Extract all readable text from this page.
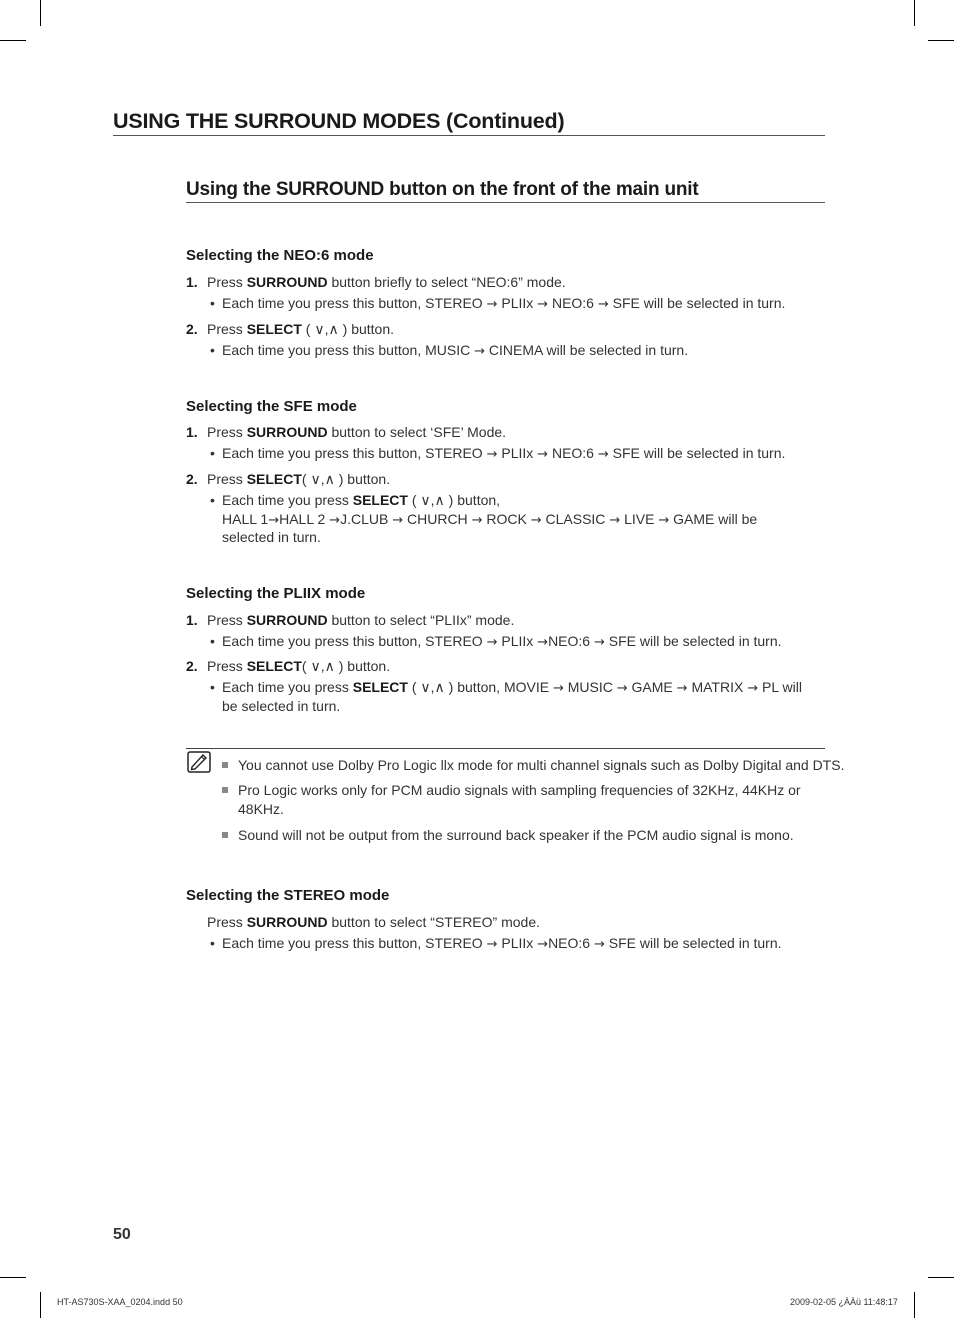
USING THE SURROUND MODES (Continued)
Using the SURROUND button on the front of the main unit
Selecting the NEO:6 mode
1. Press SURROUND button briefly to select “NEO:6” mode.
• Each time you press this button, STEREO → PLIIx → NEO:6 → SFE will be selected in turn.
2. Press SELECT ( ∨,∧ ) button.
• Each time you press this button, MUSIC → CINEMA will be selected in turn.
Selecting the SFE mode
1. Press SURROUND button to select ‘SFE’ Mode.
• Each time you press this button, STEREO → PLIIx → NEO:6 → SFE will be selected in turn.
2. Press SELECT( ∨,∧ ) button.
• Each time you press SELECT ( ∨,∧ ) button,
HALL 1→HALL 2 →J.CLUB → CHURCH → ROCK → CLASSIC → LIVE → GAME will be
selected in turn.
Selecting the PLIIX mode
1. Press SURROUND button to select “PLIIx” mode.
• Each time you press this button, STEREO → PLIIx →NEO:6 → SFE will be selected in turn.
2. Press SELECT( ∨,∧ ) button.
• Each time you press SELECT ( ∨,∧ ) button, MOVIE → MUSIC → GAME → MATRIX → PL will
be selected in turn.
You cannot use Dolby Pro Logic llx mode for multi channel signals such as Dolby Digital and DTS.
Pro Logic works only for PCM audio signals with sampling frequencies of 32KHz, 44KHz or
48KHz.
Sound will not be output from the surround back speaker if the PCM audio signal is mono.
Selecting the STEREO mode
Press SURROUND button to select “STEREO” mode.
• Each time you press this button, STEREO → PLIIx →NEO:6 → SFE will be selected in turn.
50
HT-AS730S-XAA_0204.indd 50	2009-02-05 ¿ÀÀü 11:48:17
